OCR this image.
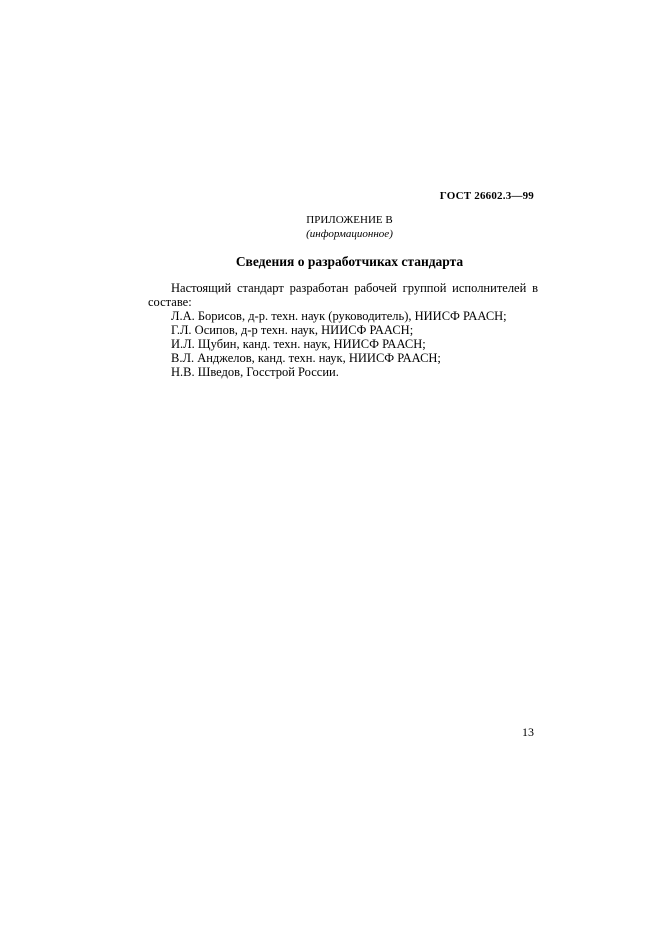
ГОСТ 26602.3—99
ПРИЛОЖЕНИЕ В
(информационное)
Сведения о разработчиках стандарта

Настоящий стандарт разработан рабочей группой исполнителей в составе:

Л.А. Борисов, д-р. техн. наук (руководитель), НИИСФ РААСН;

Г.Л. Осипов, д-р техн. наук, НИИСФ РААСН;

И.Л. Щубин, канд. техн. наук, НИИСФ РААСН;

В.Л. Анджелов, канд. техн. наук, НИИСФ РААСН;

Н.В. Шведов, Госстрой России.

13
